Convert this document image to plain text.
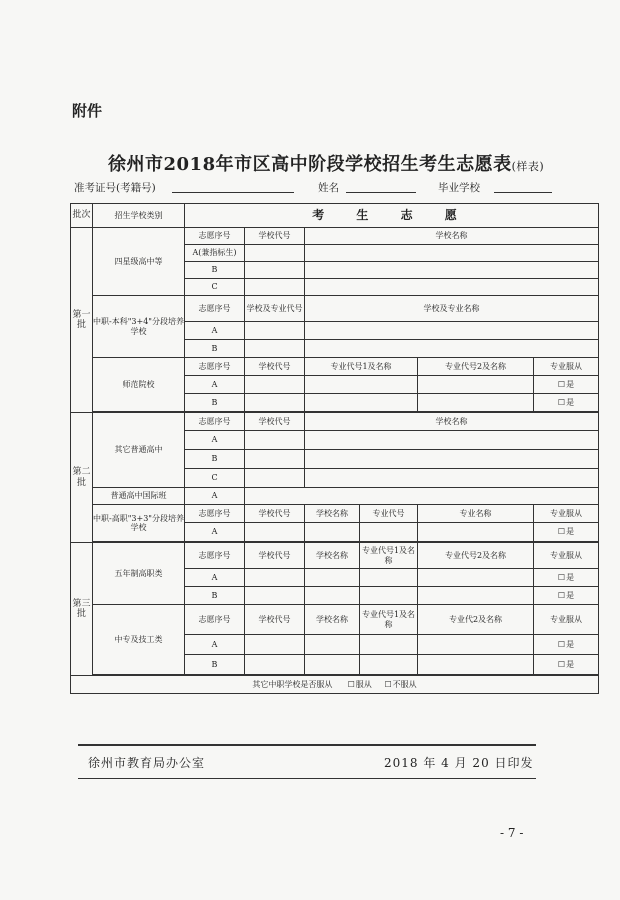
附件
徐州市2018年市区高中阶段学校招生考生志愿表(样表)
准考证号(考籍号)	姓名	毕业学校
批次	招生学校类别	考 生 志 愿					
第一批	四星级高中等	志愿序号	学校代号	学校名称			
		A(兼指标生)					
		B					
		C					
	中职-本科"3+4"分段培养学校	志愿序号	学校及专业代号	学校及专业名称			
		A					
		B					
	师范院校	志愿序号	学校代号	专业代号1及名称		专业代号2及名称	专业服从
		A					☐ 是
		B					☐ 是

第二批	其它普通高中	志愿序号	学校代号	学校名称			
		A					
		B					
		C					
	普通高中国际班	A					
	中职-高职"3+3"分段培养学校	志愿序号	学校代号	学校名称	专业代号	专业名称	专业服从
		A					☐ 是

第三批	五年制高职类	志愿序号	学校代号	学校名称	专业代号1及名称	专业代号2及名称	专业服从
		A					☐ 是
		B					☐ 是
	中专及技工类	志愿序号	学校代号	学校名称	专业代号1及名称	专业代2及名称	专业服从
		A					☐ 是
		B					☐ 是

其它中职学校是否服从 ☐ 服从 ☐ 不服从
徐州市教育局办公室	2018 年 4 月 20 日印发
- 7 -
